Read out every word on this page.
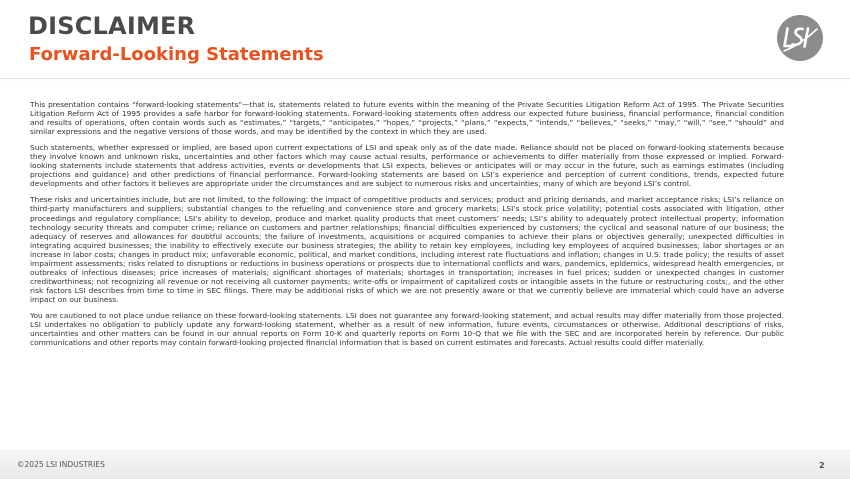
DISCLAIMER
Forward-Looking Statements

This presentation contains “forward-looking statements”—that is, statements related to future events within the meaning of the Private Securities Litigation Reform Act of 1995. The Private Securities Litigation Reform Act of 1995 provides a safe harbor for forward-looking statements. Forward-looking statements often address our expected future business, financial performance, financial condition and results of operations, often contain words such as “estimates,” “targets,” “anticipates,” “hopes,” “projects,” “plans,” “expects,” “intends,” “believes,” “seeks,” “may,” “will,” “see,” “should” and similar expressions and the negative versions of those words, and may be identified by the context in which they are used.

Such statements, whether expressed or implied, are based upon current expectations of LSI and speak only as of the date made. Reliance should not be placed on forward-looking statements because they involve known and unknown risks, uncertainties and other factors which may cause actual results, performance or achievements to differ materially from those expressed or implied. Forward-looking statements include statements that address activities, events or developments that LSI expects, believes or anticipates will or may occur in the future, such as earnings estimates (including projections and guidance) and other predictions of financial performance. Forward-looking statements are based on LSI’s experience and perception of current conditions, trends, expected future developments and other factors it believes are appropriate under the circumstances and are subject to numerous risks and uncertainties, many of which are beyond LSI’s control.

These risks and uncertainties include, but are not limited, to the following: the impact of competitive products and services; product and pricing demands, and market acceptance risks; LSI’s reliance on third-party manufacturers and suppliers; substantial changes to the refueling and convenience store and grocery markets; LSI’s stock price volatility; potential costs associated with litigation, other proceedings and regulatory compliance; LSI’s ability to develop, produce and market quality products that meet customers’ needs; LSI’s ability to adequately protect intellectual property; information technology security threats and computer crime; reliance on customers and partner relationships; financial difficulties experienced by customers; the cyclical and seasonal nature of our business; the adequacy of reserves and allowances for doubtful accounts; the failure of investments, acquisitions or acquired companies to achieve their plans or objectives generally; unexpected difficulties in integrating acquired businesses; the inability to effectively execute our business strategies; the ability to retain key employees, including key employees of acquired businesses; labor shortages or an increase in labor costs; changes in product mix; unfavorable economic, political, and market conditions, including interest rate fluctuations and inflation; changes in U.S. trade policy; the results of asset impairment assessments; risks related to disruptions or reductions in business operations or prospects due to international conflicts and wars, pandemics, epidemics, widespread health emergencies, or outbreaks of infectious diseases; price increases of materials; significant shortages of materials; shortages in transportation; increases in fuel prices; sudden or unexpected changes in customer creditworthiness; not recognizing all revenue or not receiving all customer payments; write-offs or impairment of capitalized costs or intangible assets in the future or restructuring costs;, and the other risk factors LSI describes from time to time in SEC filings. There may be additional risks of which we are not presently aware or that we currently believe are immaterial which could have an adverse impact on our business.

You are cautioned to not place undue reliance on these forward-looking statements. LSI does not guarantee any forward-looking statement, and actual results may differ materially from those projected. LSI undertakes no obligation to publicly update any forward-looking statement, whether as a result of new information, future events, circumstances or otherwise. Additional descriptions of risks, uncertainties and other matters can be found in our annual reports on Form 10-K and quarterly reports on Form 10-Q that we file with the SEC and are incorporated herein by reference. Our public communications and other reports may contain forward-looking projected financial information that is based on current estimates and forecasts. Actual results could differ materially.

©2025 LSI INDUSTRIES	2
